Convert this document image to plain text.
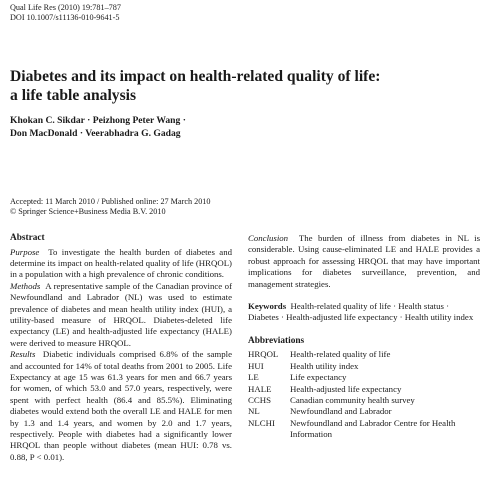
Qual Life Res (2010) 19:781–787
DOI 10.1007/s11136-010-9641-5
Diabetes and its impact on health-related quality of life:
a life table analysis
Khokan C. Sikdar · Peizhong Peter Wang ·
Don MacDonald · Veerabhadra G. Gadag
Accepted: 11 March 2010 / Published online: 27 March 2010
© Springer Science+Business Media B.V. 2010
Abstract

Purpose To investigate the health burden of diabetes and determine its impact on health-related quality of life (HRQOL) in a population with a high prevalence of chronic conditions.

Methods A representative sample of the Canadian province of Newfoundland and Labrador (NL) was used to estimate prevalence of diabetes and mean health utility index (HUI), a utility-based measure of HRQOL. Diabetes-deleted life expectancy (LE) and health-adjusted life expectancy (HALE) were derived to measure HRQOL.

Results Diabetic individuals comprised 6.8% of the sample and accounted for 14% of total deaths from 2001 to 2005. Life Expectancy at age 15 was 61.3 years for men and 66.7 years for women, of which 53.0 and 57.0 years, respectively, were spent with perfect health (86.4 and 85.5%). Eliminating diabetes would extend both the overall LE and HALE for men by 1.3 and 1.4 years, and women by 2.0 and 1.7 years, respectively. People with diabetes had a significantly lower HRQOL than people without diabetes (mean HUI: 0.78 vs. 0.88, P < 0.01).

Conclusion The burden of illness from diabetes in NL is considerable. Using cause-eliminated LE and HALE provides a robust approach for assessing HRQOL that may have important implications for diabetes surveillance, prevention, and management strategies.

Keywords Health-related quality of life · Health status · Diabetes · Health-adjusted life expectancy · Health utility index
Abbreviations
HRQOL	Health-related quality of life
HUI	Health utility index
LE	Life expectancy
HALE	Health-adjusted life expectancy
CCHS	Canadian community health survey
NL	Newfoundland and Labrador
NLCHI	Newfoundland and Labrador Centre for Health Information
